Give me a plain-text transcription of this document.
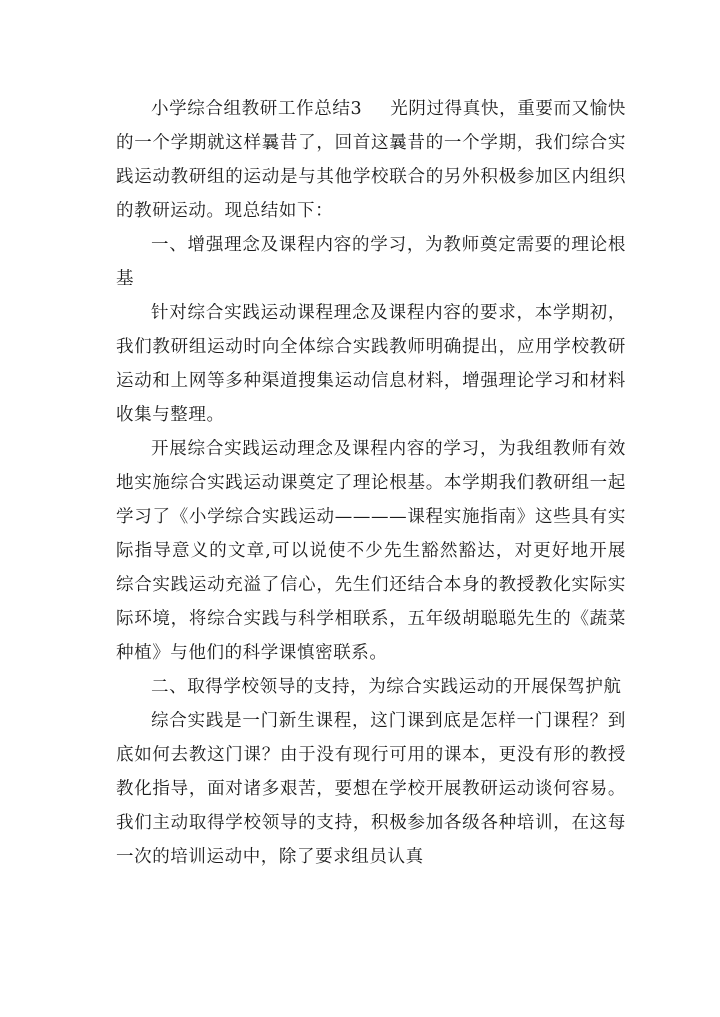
小学综合组教研工作总结3 光阴过得真快，重要而又愉快的一个学期就这样曩昔了，回首这曩昔的一个学期，我们综合实践运动教研组的运动是与其他学校联合的另外积极参加区内组织的教研运动。现总结如下：

一、增强理念及课程内容的学习，为教师奠定需要的理论根基

针对综合实践运动课程理念及课程内容的要求，本学期初，我们教研组运动时向全体综合实践教师明确提出，应用学校教研运动和上网等多种渠道搜集运动信息材料，增强理论学习和材料收集与整理。

开展综合实践运动理念及课程内容的学习，为我组教师有效地实施综合实践运动课奠定了理论根基。本学期我们教研组一起学习了《小学综合实践运动————课程实施指南》这些具有实际指导意义的文章,可以说使不少先生豁然豁达，对更好地开展综合实践运动充溢了信心，先生们还结合本身的教授教化实际实际环境，将综合实践与科学相联系，五年级胡聪聪先生的《蔬菜种植》与他们的科学课慎密联系。

二、取得学校领导的支持，为综合实践运动的开展保驾护航

综合实践是一门新生课程，这门课到底是怎样一门课程？到底如何去教这门课？由于没有现行可用的课本，更没有形的教授教化指导，面对诸多艰苦，要想在学校开展教研运动谈何容易。我们主动取得学校领导的支持，积极参加各级各种培训，在这每一次的培训运动中，除了要求组员认真
